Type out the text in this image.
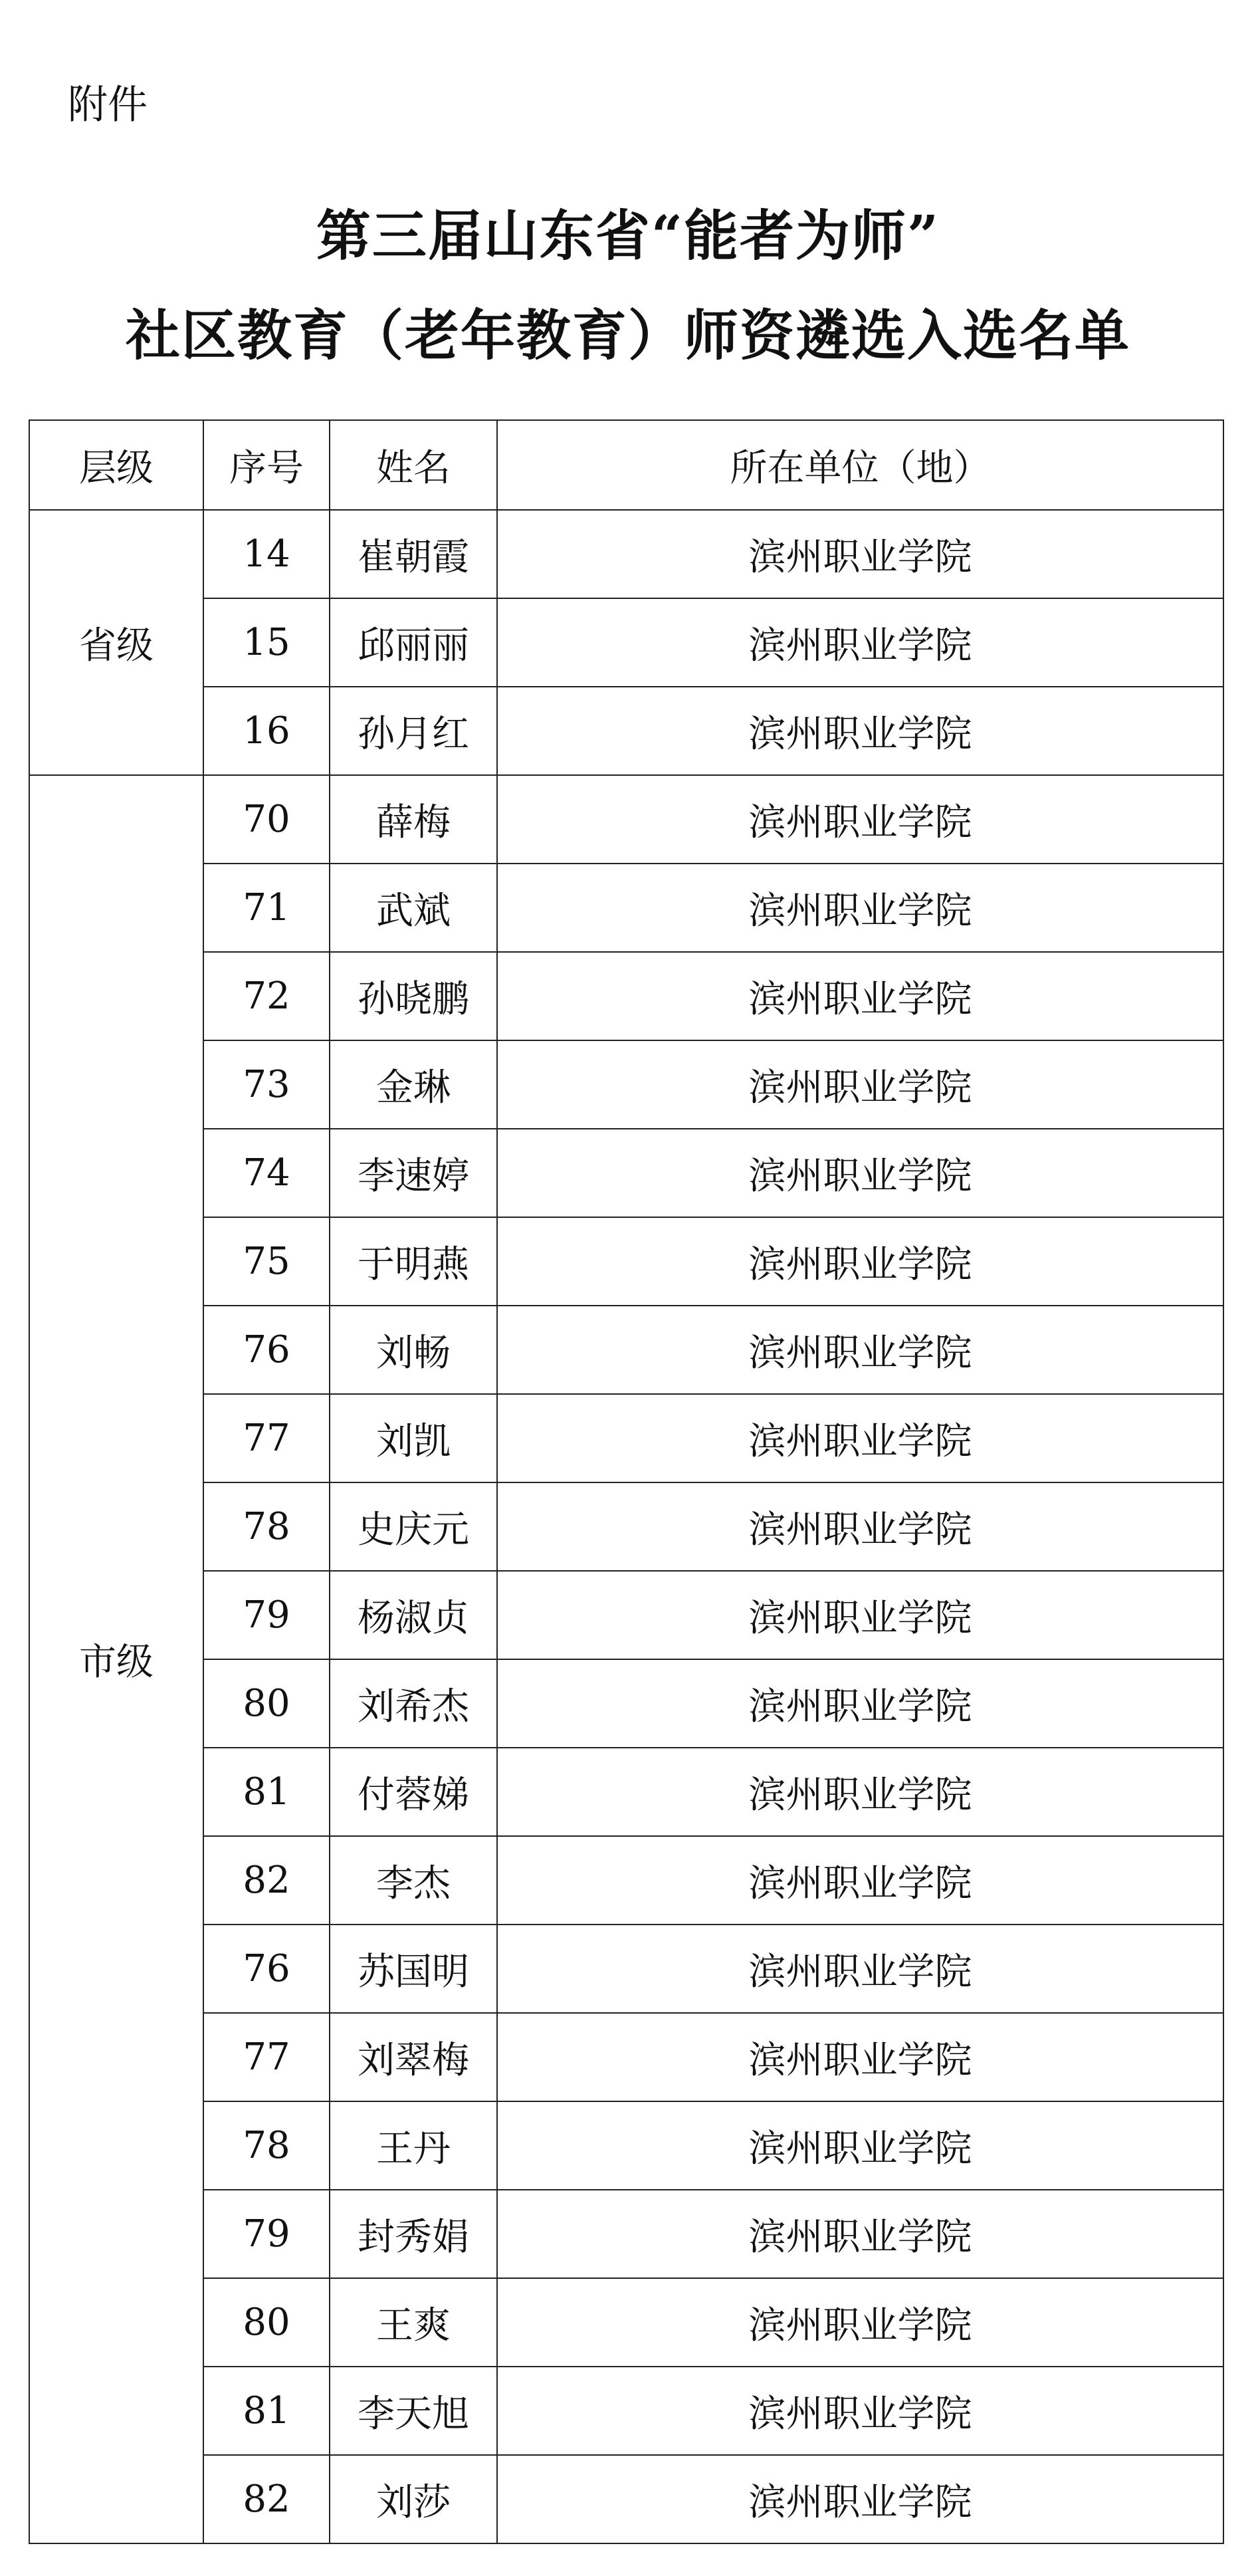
附件
第三届山东省“能者为师”
社区教育（老年教育）师资遴选入选名单
层级	序号	姓名	所在单位（地）
省级	14	崔朝霞	滨州职业学院
	15	邱丽丽	滨州职业学院
	16	孙月红	滨州职业学院
市级	70	薛梅	滨州职业学院
	71	武斌	滨州职业学院
	72	孙晓鹏	滨州职业学院
	73	金琳	滨州职业学院
	74	李速婷	滨州职业学院
	75	于明燕	滨州职业学院
	76	刘畅	滨州职业学院
	77	刘凯	滨州职业学院
	78	史庆元	滨州职业学院
	79	杨淑贞	滨州职业学院
	80	刘希杰	滨州职业学院
	81	付蓉娣	滨州职业学院
	82	李杰	滨州职业学院
	76	苏国明	滨州职业学院
	77	刘翠梅	滨州职业学院
	78	王丹	滨州职业学院
	79	封秀娟	滨州职业学院
	80	王爽	滨州职业学院
	81	李天旭	滨州职业学院
	82	刘莎	滨州职业学院
